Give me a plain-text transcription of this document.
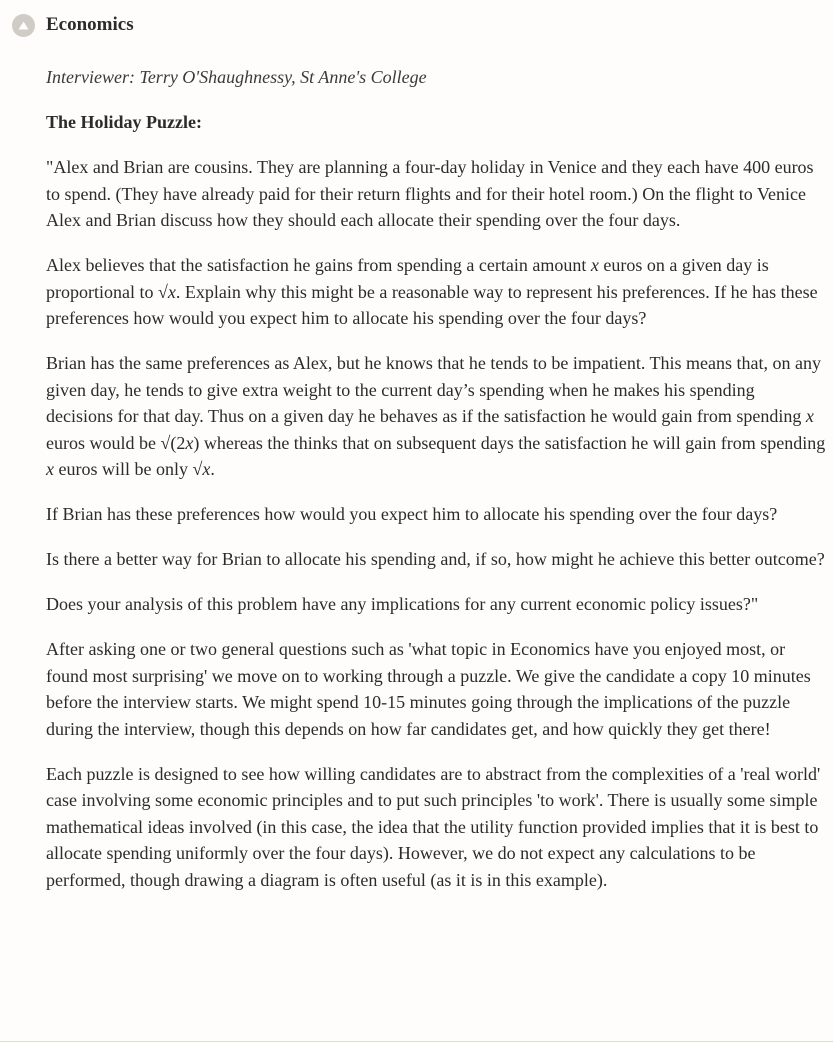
Economics

Interviewer: Terry O'Shaughnessy, St Anne's College

The Holiday Puzzle:

"Alex and Brian are cousins. They are planning a four-day holiday in Venice and they each have 400 euros to spend. (They have already paid for their return flights and for their hotel room.) On the flight to Venice Alex and Brian discuss how they should each allocate their spending over the four days.

Alex believes that the satisfaction he gains from spending a certain amount x euros on a given day is proportional to √x. Explain why this might be a reasonable way to represent his preferences. If he has these preferences how would you expect him to allocate his spending over the four days?

Brian has the same preferences as Alex, but he knows that he tends to be impatient. This means that, on any given day, he tends to give extra weight to the current day’s spending when he makes his spending decisions for that day. Thus on a given day he behaves as if the satisfaction he would gain from spending x euros would be √(2x) whereas the thinks that on subsequent days the satisfaction he will gain from spending x euros will be only √x.

If Brian has these preferences how would you expect him to allocate his spending over the four days?

Is there a better way for Brian to allocate his spending and, if so, how might he achieve this better outcome?

Does your analysis of this problem have any implications for any current economic policy issues?"

After asking one or two general questions such as 'what topic in Economics have you enjoyed most, or found most surprising' we move on to working through a puzzle. We give the candidate a copy 10 minutes before the interview starts. We might spend 10-15 minutes going through the implications of the puzzle during the interview, though this depends on how far candidates get, and how quickly they get there!

Each puzzle is designed to see how willing candidates are to abstract from the complexities of a 'real world' case involving some economic principles and to put such principles 'to work'. There is usually some simple mathematical ideas involved (in this case, the idea that the utility function provided implies that it is best to allocate spending uniformly over the four days). However, we do not expect any calculations to be performed, though drawing a diagram is often useful (as it is in this example).
